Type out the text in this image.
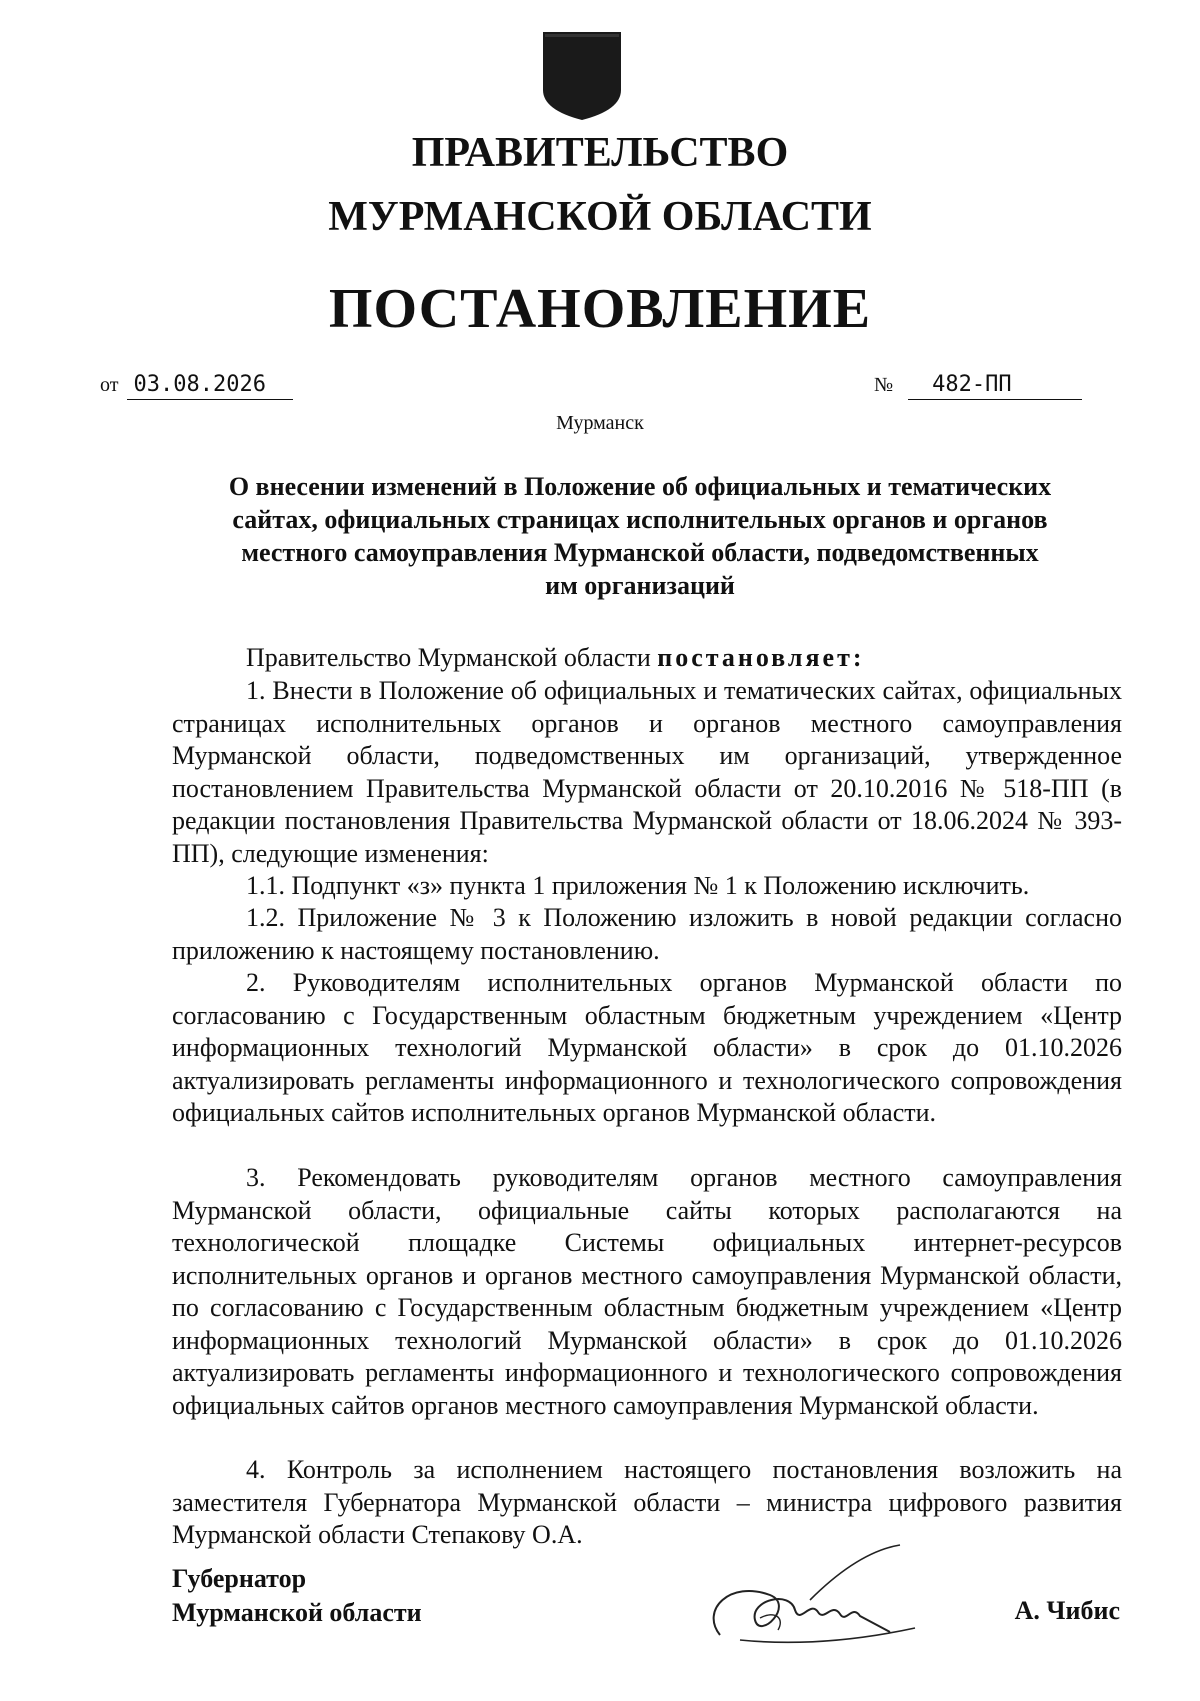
ПРАВИТЕЛЬСТВО
МУРМАНСКОЙ ОБЛАСТИ
ПОСТАНОВЛЕНИЕ
от 03.08.2026	№ 482-ПП
Мурманск
О внесении изменений в Положение об официальных и тематических
сайтах, официальных страницах исполнительных органов и органов
местного самоуправления Мурманской области, подведомственных
им организаций
Правительство Мурманской области постановляет:
1. Внести в Положение об официальных и тематических сайтах, официальных страницах исполнительных органов и органов местного самоуправления Мурманской области, подведомственных им организаций, утвержденное постановлением Правительства Мурманской области от 20.10.2016 № 518-ПП (в редакции постановления Правительства Мурманской области от 18.06.2024 № 393-ПП), следующие изменения:
1.1. Подпункт «з» пункта 1 приложения № 1 к Положению исключить.
1.2. Приложение № 3 к Положению изложить в новой редакции согласно приложению к настоящему постановлению.
2. Руководителям исполнительных органов Мурманской области по согласованию с Государственным областным бюджетным учреждением «Центр информационных технологий Мурманской области» в срок до 01.10.2026 актуализировать регламенты информационного и технологического сопровождения официальных сайтов исполнительных органов Мурманской области.
3. Рекомендовать руководителям органов местного самоуправления Мурманской области, официальные сайты которых располагаются на технологической площадке Системы официальных интернет-ресурсов исполнительных органов и органов местного самоуправления Мурманской области, по согласованию с Государственным областным бюджетным учреждением «Центр информационных технологий Мурманской области» в срок до 01.10.2026 актуализировать регламенты информационного и технологического сопровождения официальных сайтов органов местного самоуправления Мурманской области.
4. Контроль за исполнением настоящего постановления возложить на заместителя Губернатора Мурманской области – министра цифрового развития Мурманской области Степакову О.А.
Губернатор
Мурманской области	А. Чибис
